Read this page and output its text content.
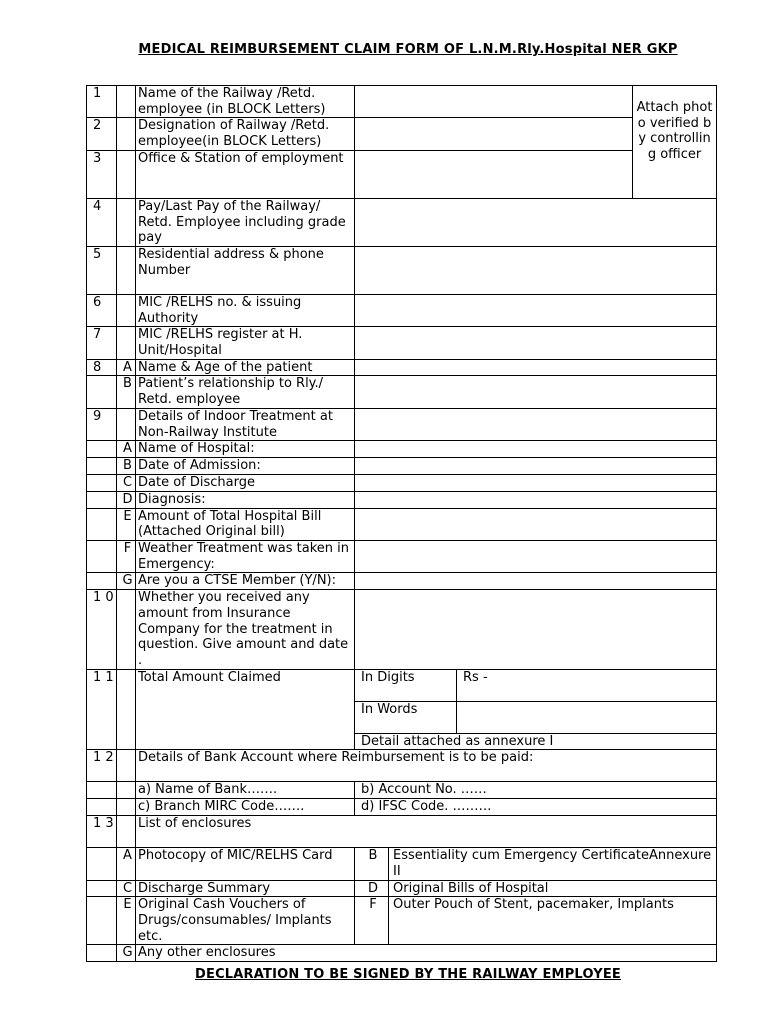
MEDICAL REIMBURSEMENT CLAIM FORM OF L.N.M.Rly.Hospital NER GKP
1		Name of the Railway /Retd. employee (in BLOCK Letters)				Attach photo verified by controlling officer
2		Designation of Railway /Retd. employee(in BLOCK Letters)				
3		Office & Station of employment				
4		Pay/Last Pay of the Railway/ Retd. Employee including grade pay				
5		Residential address & phone Number				
6		MIC /RELHS no. & issuing Authority				
7		MIC /RELHS register at H. Unit/Hospital				
8	A	Name & Age of the patient				
	B	Patient’s relationship to Rly./ Retd. employee				
9		Details of Indoor Treatment at Non-Railway Institute				
	A	Name of Hospital:				
	B	Date of Admission:				
	C	Date of Discharge				
	D	Diagnosis:				
	E	Amount of Total Hospital Bill (Attached Original bill)				
	F	Weather Treatment was taken in Emergency:				
	G	Are you a CTSE Member (Y/N):				
1 0		Whether you received any amount from Insurance Company for the treatment in question. Give amount and date .				
1 1		Total Amount Claimed	In Digits		Rs -	
			In Words			
			Detail attached as annexure I			
1 2		Details of Bank Account where Reimbursement is to be paid:				
		a) Name of Bank…….	b) Account No. ……			
		c) Branch MIRC Code…….	d) IFSC Code. ………			
1 3		List of enclosures				
	A	Photocopy of MIC/RELHS Card	B	Essentiality cum Emergency CertificateAnnexure II		
	C	Discharge Summary	D	Original Bills of Hospital		
	E	Original Cash Vouchers of Drugs/consumables/ Implants etc.	F	Outer Pouch of Stent, pacemaker, Implants		
	G	Any other enclosures				
DECLARATION TO BE SIGNED BY THE RAILWAY EMPLOYEE
